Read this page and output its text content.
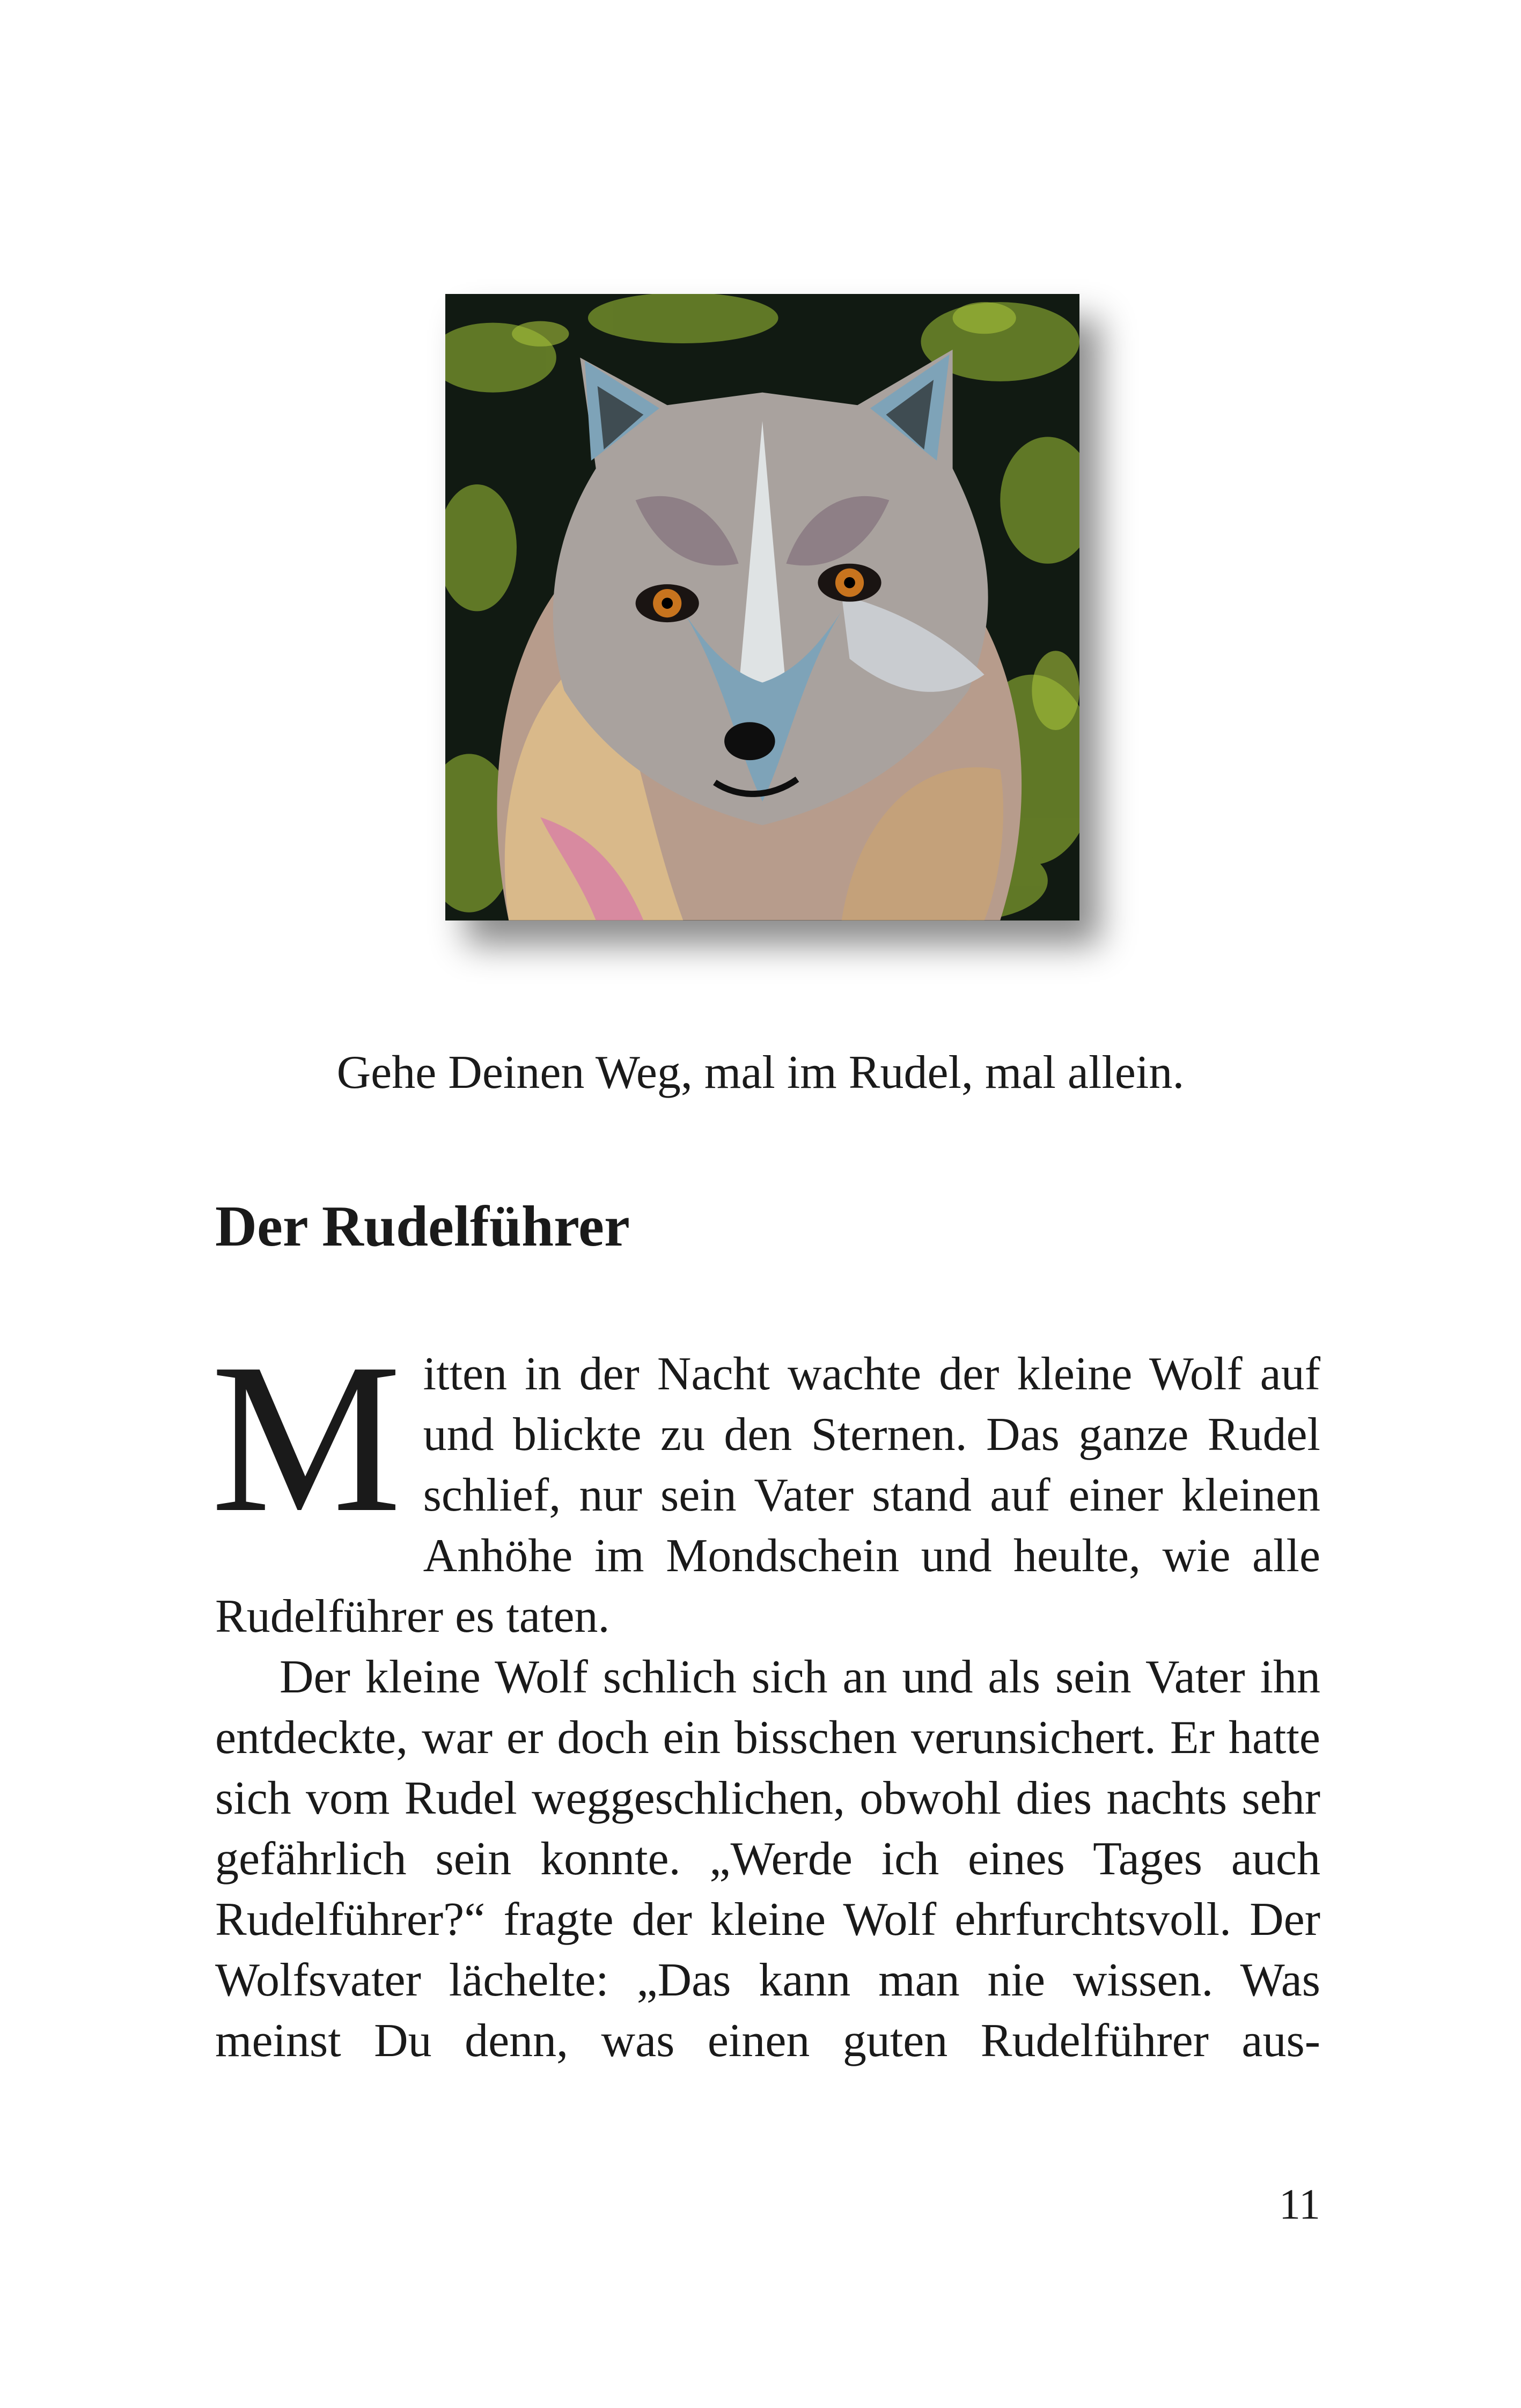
Gehe Deinen Weg, mal im Rudel, mal allein.
Der Rudelführer

Mitten in der Nacht wachte der kleine Wolf auf und blickte zu den Sternen. Das ganze Rudel schlief, nur sein Vater stand auf einer kleinen Anhöhe im Mondschein und heulte, wie alle Rudelführer es taten.

Der kleine Wolf schlich sich an und als sein Vater ihn entdeckte, war er doch ein bisschen verunsichert. Er hatte sich vom Rudel weggeschlichen, obwohl dies nachts sehr gefährlich sein konnte. „Werde ich eines Tages auch Rudelführer?“ fragte der kleine Wolf ehrfurchtsvoll. Der Wolfsvater lächelte: „Das kann man nie wissen. Was meinst Du denn, was einen guten Rudelführer aus-

11
